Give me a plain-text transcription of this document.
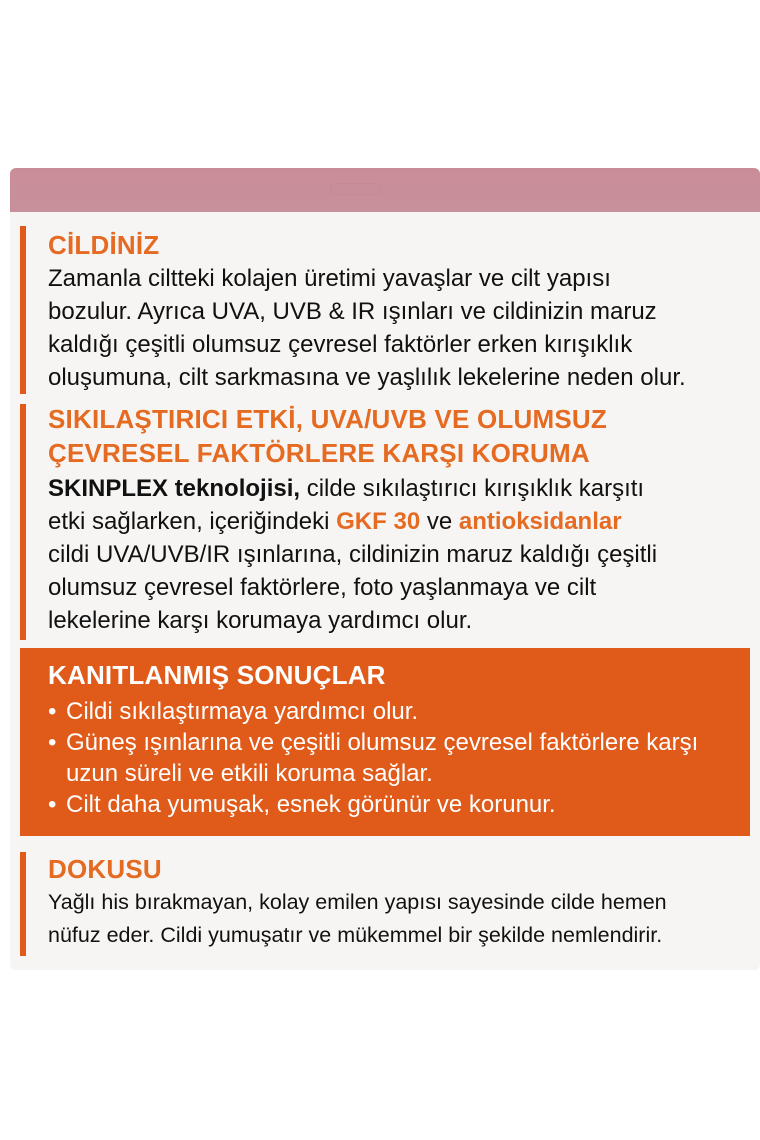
CİLDİNİZ
Zamanla ciltteki kolajen üretimi yavaşlar ve cilt yapısı
bozulur. Ayrıca UVA, UVB & IR ışınları ve cildinizin maruz
kaldığı çeşitli olumsuz çevresel faktörler erken kırışıklık
oluşumuna, cilt sarkmasına ve yaşlılık lekelerine neden olur.
SIKILAŞTIRICI ETKİ, UVA/UVB VE OLUMSUZ
ÇEVRESEL FAKTÖRLERE KARŞI KORUMA
SKINPLEX teknolojisi, cilde sıkılaştırıcı kırışıklık karşıtı
etki sağlarken, içeriğindeki GKF 30 ve antioksidanlar
cildi UVA/UVB/IR ışınlarına, cildinizin maruz kaldığı çeşitli
olumsuz çevresel faktörlere, foto yaşlanmaya ve cilt
lekelerine karşı korumaya yardımcı olur.
KANITLANMIŞ SONUÇLAR
• Cildi sıkılaştırmaya yardımcı olur.
• Güneş ışınlarına ve çeşitli olumsuz çevresel faktörlere karşı uzun süreli ve etkili koruma sağlar.
• Cilt daha yumuşak, esnek görünür ve korunur.
DOKUSU
Yağlı his bırakmayan, kolay emilen yapısı sayesinde cilde hemen
nüfuz eder. Cildi yumuşatır ve mükemmel bir şekilde nemlendirir.
